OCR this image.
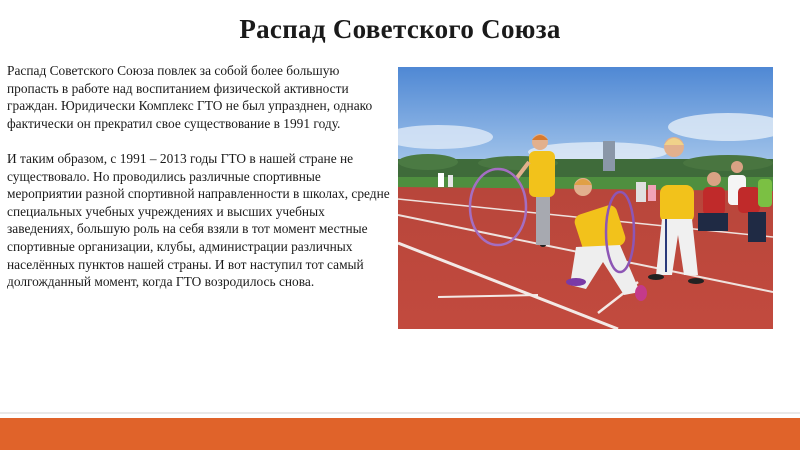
Распад Советского Союза

Распад Советского Союза повлек за собой более большую пропасть в работе над воспитанием физической активности граждан. Юридически Комплекс ГТО не был упразднен, однако фактически он прекратил свое существование в 1991 году.

И таким образом, с 1991 – 2013 годы ГТО в нашей стране не существовало. Но проводились различные спортивные мероприятии разной спортивной направленности в школах, средне специальных учебных учреждениях и высших учебных заведениях, большую роль на себя взяли в тот момент местные спортивные организации, клубы, администрации различных населённых пунктов нашей страны. И вот наступил тот самый долгожданный момент, когда ГТО возродилось снова.
